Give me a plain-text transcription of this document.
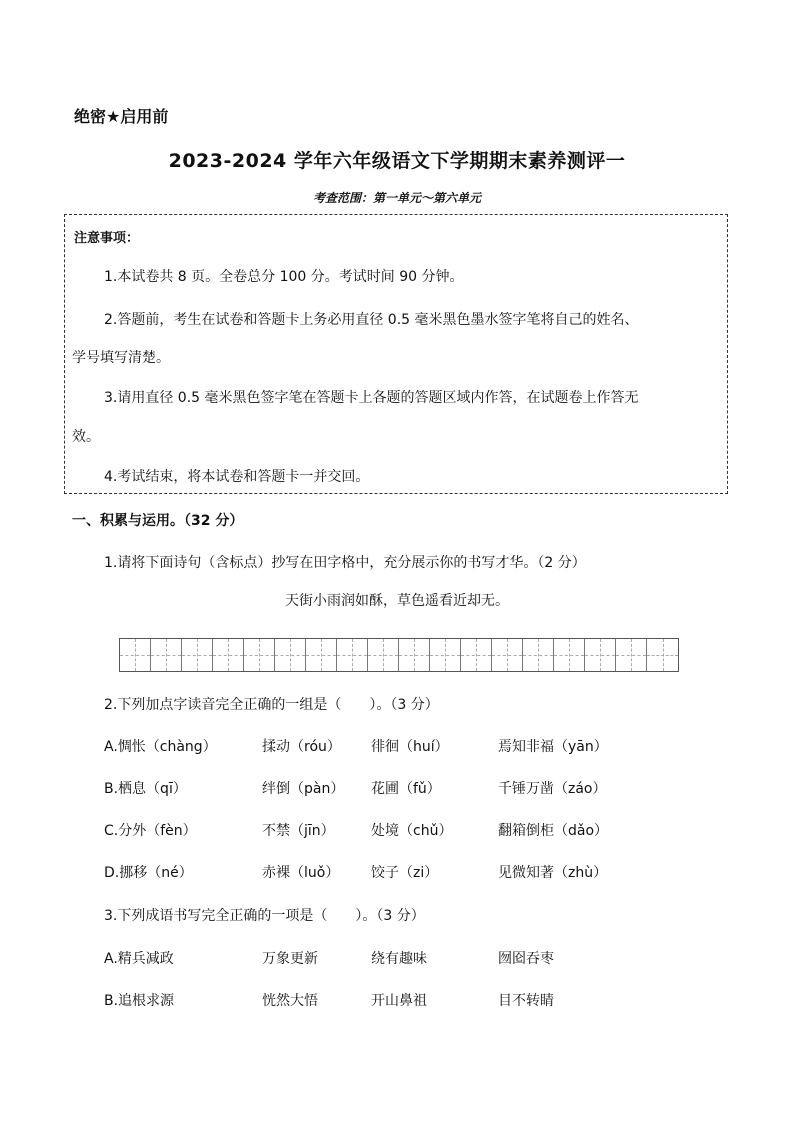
绝密★启用前
2023-2024 学年六年级语文下学期期末素养测评一
考查范围：第一单元～第六单元
注意事项：
1.本试卷共 8 页。全卷总分 100 分。考试时间 90 分钟。
2.答题前，考生在试卷和答题卡上务必用直径 0.5 毫米黑色墨水签字笔将自己的姓名、
学号填写清楚。
3.请用直径 0.5 毫米黑色签字笔在答题卡上各题的答题区域内作答，在试题卷上作答无
效。
4.考试结束，将本试卷和答题卡一并交回。
一、积累与运用。（32 分）
1.请将下面诗句（含标点）抄写在田字格中，充分展示你的书写才华。（2 分）
天街小雨润如酥，草色遥看近却无。
2.下列加点字读音完全正确的一组是（　　）。（3 分）
A.惆怅（chàng）	揉动（róu） 徘徊（huí）	焉知非福（yān）
B.栖息（qī）	绊倒（pàn） 花圃（fǔ）	千锤万凿（záo）
C.分外（fèn）	不禁（jīn）	处境（chǔ）	翻箱倒柜（dǎo）
D.挪移（né）	赤裸（luǒ） 饺子（zi）	见微知著（zhù）
3.下列成语书写完全正确的一项是（　　）。（3 分）
A.精兵减政	万象更新	绕有趣味	囫囵吞枣
B.追根求源	恍然大悟	开山鼻祖	目不转睛
